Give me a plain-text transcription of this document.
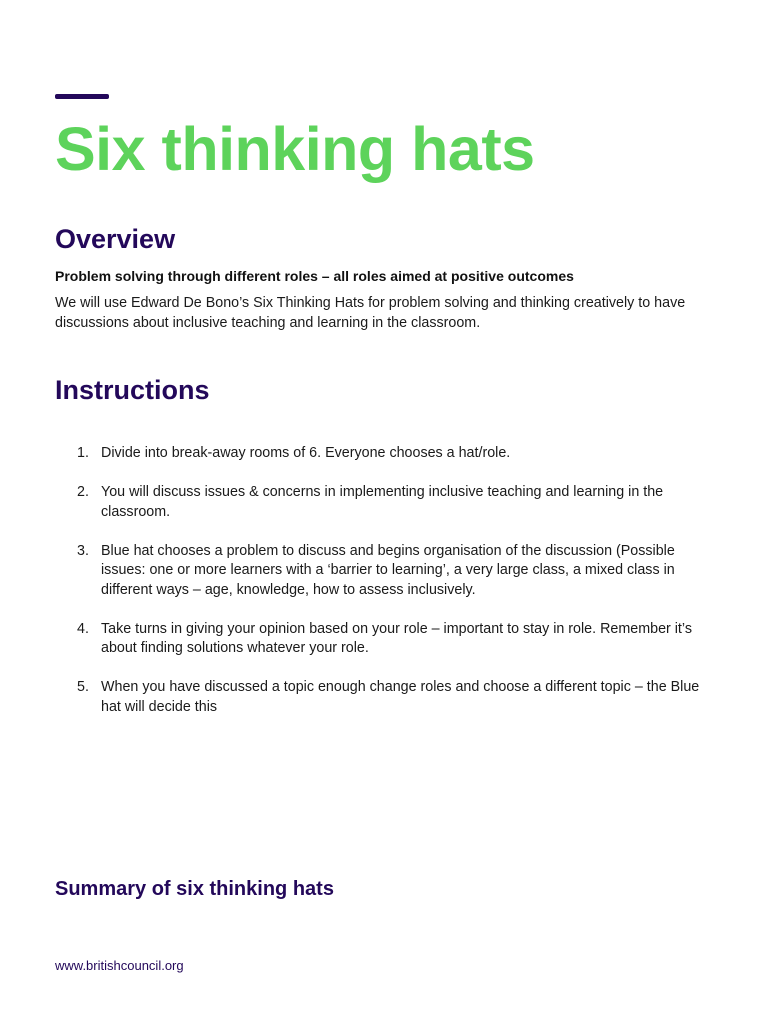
Six thinking hats
Overview

Problem solving through different roles – all roles aimed at positive outcomes

We will use Edward De Bono’s Six Thinking Hats for problem solving and thinking creatively to have discussions about inclusive teaching and learning in the classroom.

Instructions
1. Divide into break-away rooms of 6. Everyone chooses a hat/role.
2. You will discuss issues & concerns in implementing inclusive teaching and learning in the classroom.
3. Blue hat chooses a problem to discuss and begins organisation of the discussion (Possible issues: one or more learners with a ‘barrier to learning’, a very large class, a mixed class in different ways – age, knowledge, how to assess inclusively.
4. Take turns in giving your opinion based on your role – important to stay in role. Remember it’s about finding solutions whatever your role.
5. When you have discussed a topic enough change roles and choose a different topic – the Blue hat will decide this
Summary of six thinking hats
www.britishcouncil.org
